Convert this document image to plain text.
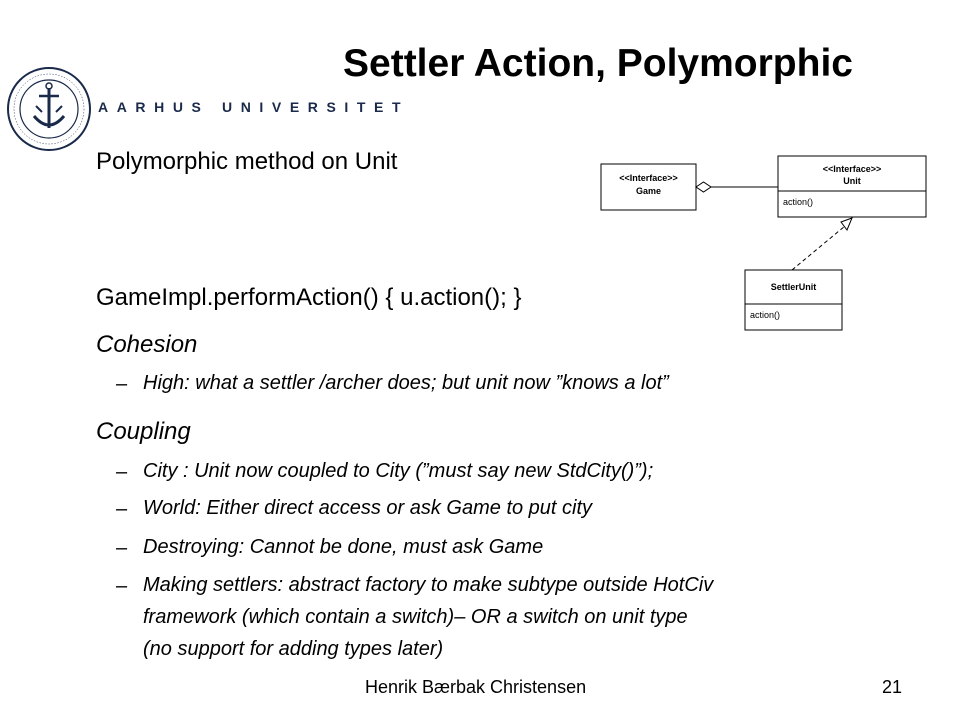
AARHUS UNIVERSITET
Settler Action, Polymorphic
Polymorphic method on Unit
GameImpl.performAction() { u.action(); }
Cohesion
– High: what a settler /archer does; but unit now ”knows a lot”
Coupling
– City : Unit now coupled to City (”must say new StdCity()”);
– World: Either direct access or ask Game to put city
– Destroying: Cannot be done, must ask Game
– Making settlers: abstract factory to make subtype outside HotCiv
framework (which contain a switch)– OR a switch on unit type
(no support for adding types later)
<<Interface>>
Game
<<Interface>>
Unit
action()
SettlerUnit
action()
Henrik Bærbak Christensen	21
